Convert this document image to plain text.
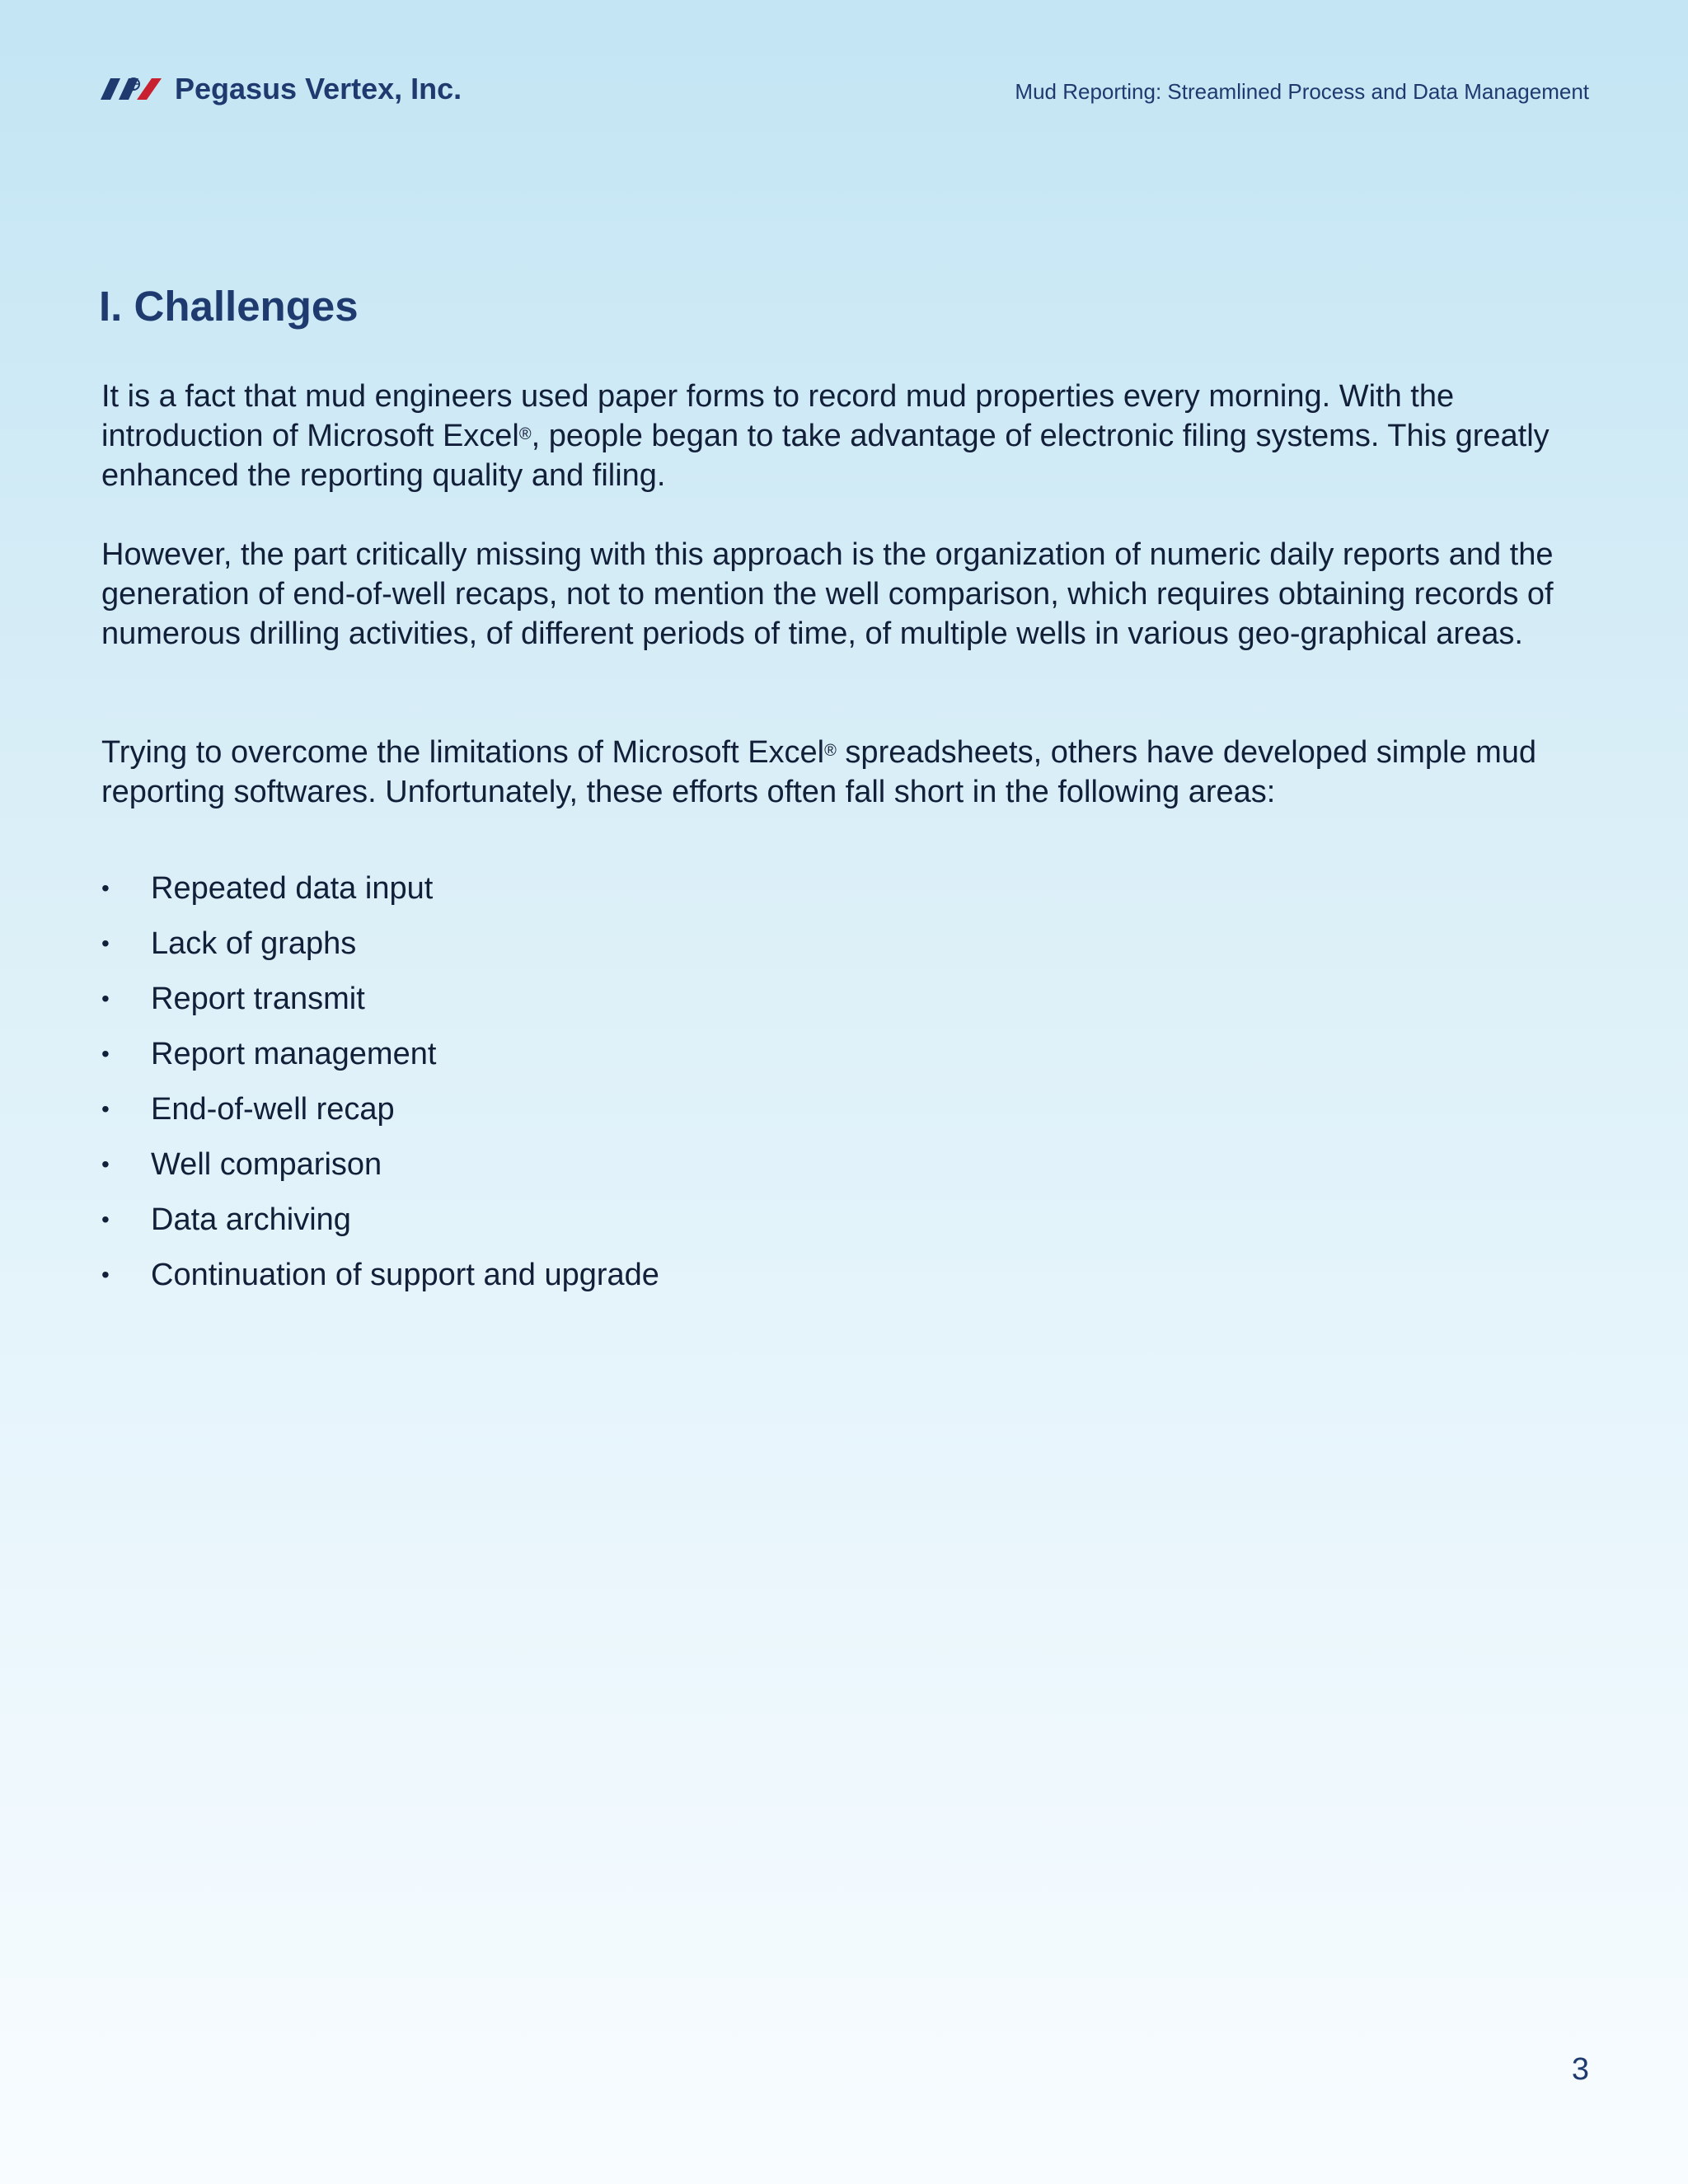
Pegasus Vertex, Inc.	Mud Reporting: Streamlined Process and Data Management
I. Challenges

It is a fact that mud engineers used paper forms to record mud properties every morning. With the introduction of Microsoft Excel®, people began to take advantage of electronic filing systems. This greatly enhanced the reporting quality and filing.

However, the part critically missing with this approach is the organization of numeric daily reports and the generation of end-of-well recaps, not to mention the well comparison, which requires obtaining records of numerous drilling activities, of different periods of time, of multiple wells in various geo-graphical areas.

Trying to overcome the limitations of Microsoft Excel® spreadsheets, others have developed simple mud reporting softwares. Unfortunately, these efforts often fall short in the following areas:

•	Repeated data input
•	Lack of graphs
•	Report transmit
•	Report management
•	End-of-well recap
•	Well comparison
•	Data archiving
•	Continuation of support and upgrade
3
